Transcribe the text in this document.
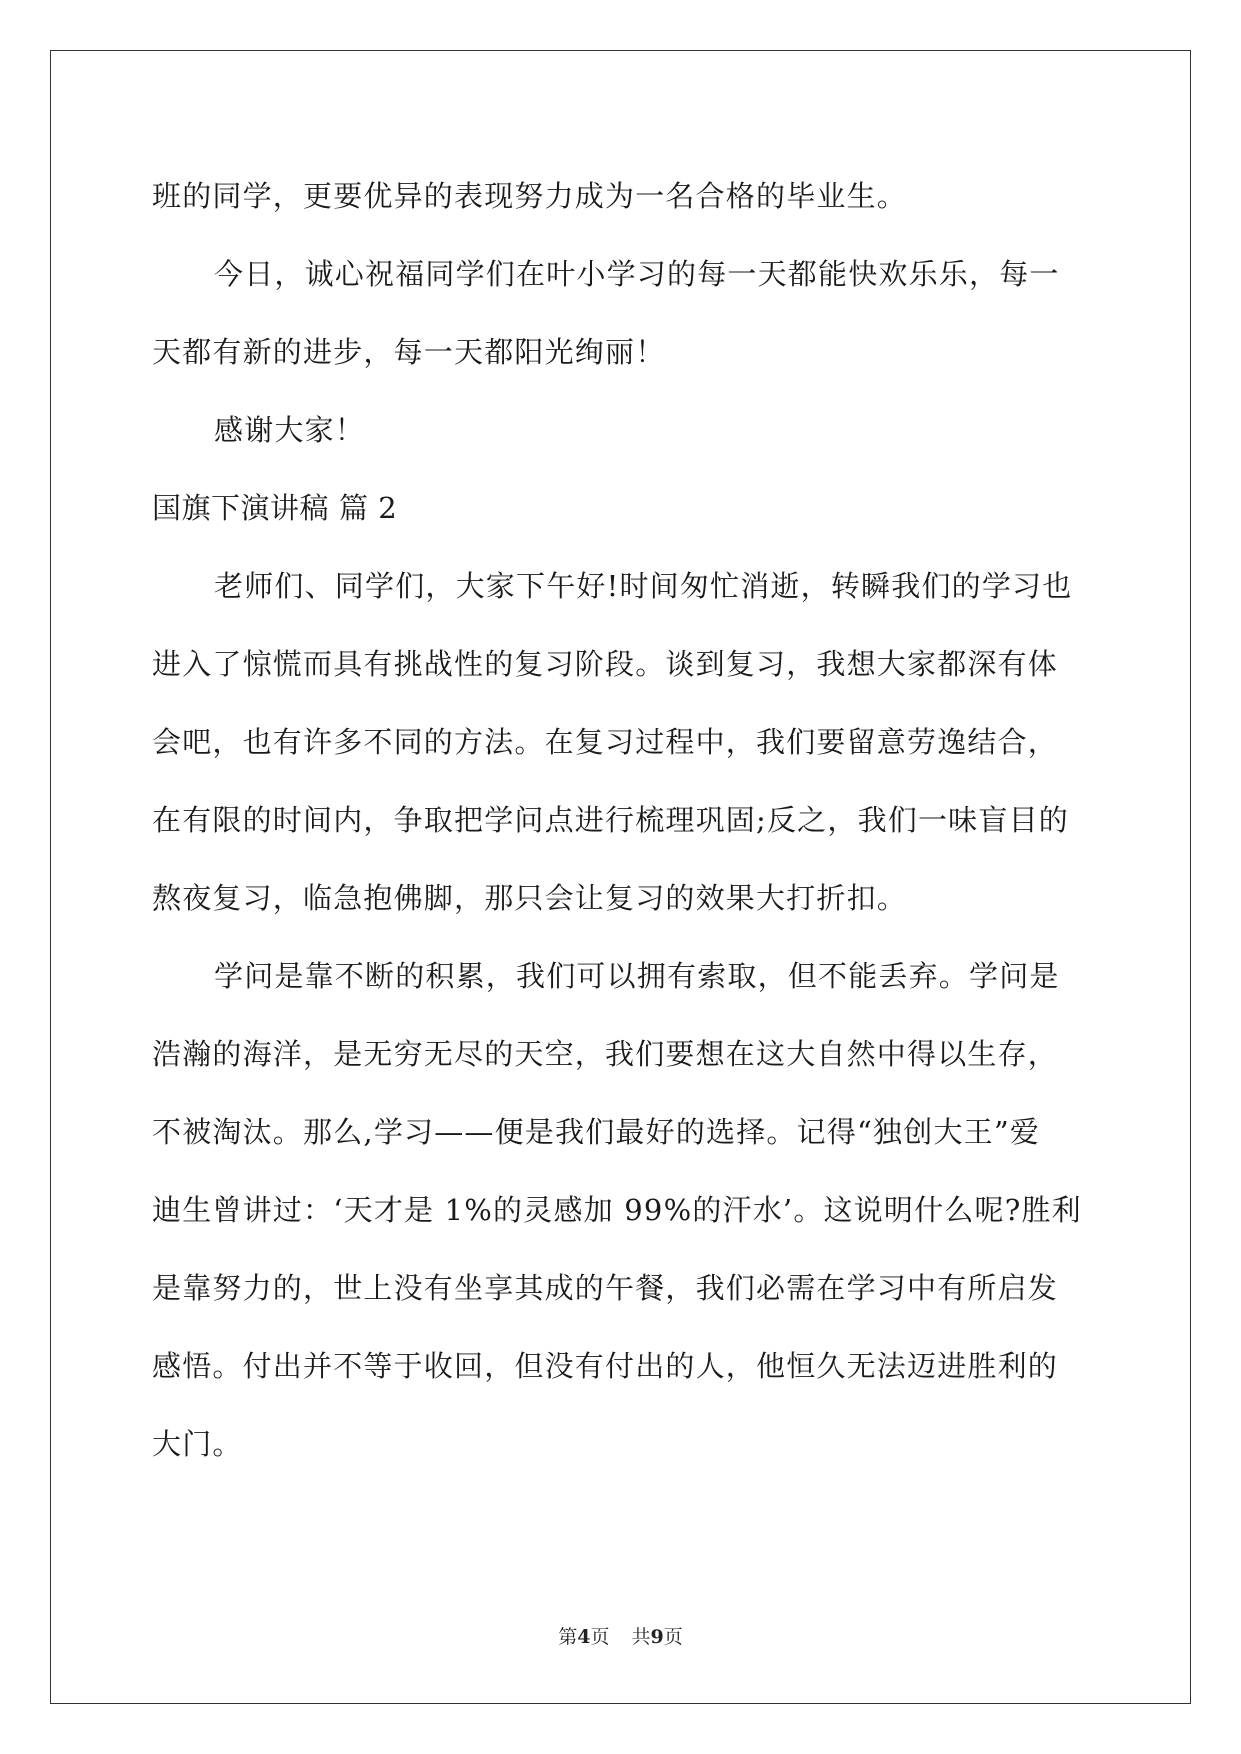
班的同学，更要优异的表现努力成为一名合格的毕业生。
今日，诚心祝福同学们在叶小学习的每一天都能快欢乐乐，每一
天都有新的进步，每一天都阳光绚丽！
感谢大家！
国旗下演讲稿 篇 2
老师们、同学们，大家下午好!时间匆忙消逝，转瞬我们的学习也
进入了惊慌而具有挑战性的复习阶段。谈到复习，我想大家都深有体
会吧，也有许多不同的方法。在复习过程中，我们要留意劳逸结合，
在有限的时间内，争取把学问点进行梳理巩固;反之，我们一味盲目的
熬夜复习，临急抱佛脚，那只会让复习的效果大打折扣。
学问是靠不断的积累，我们可以拥有索取，但不能丢弃。学问是
浩瀚的海洋，是无穷无尽的天空，我们要想在这大自然中得以生存，
不被淘汰。那么,学习——便是我们最好的选择。记得“独创大王”爱
迪生曾讲过：‘天才是 1%的灵感加 99%的汗水’。这说明什么呢?胜利
是靠努力的，世上没有坐享其成的午餐，我们必需在学习中有所启发
感悟。付出并不等于收回，但没有付出的人，他恒久无法迈进胜利的
大门。
第4页 共9页
